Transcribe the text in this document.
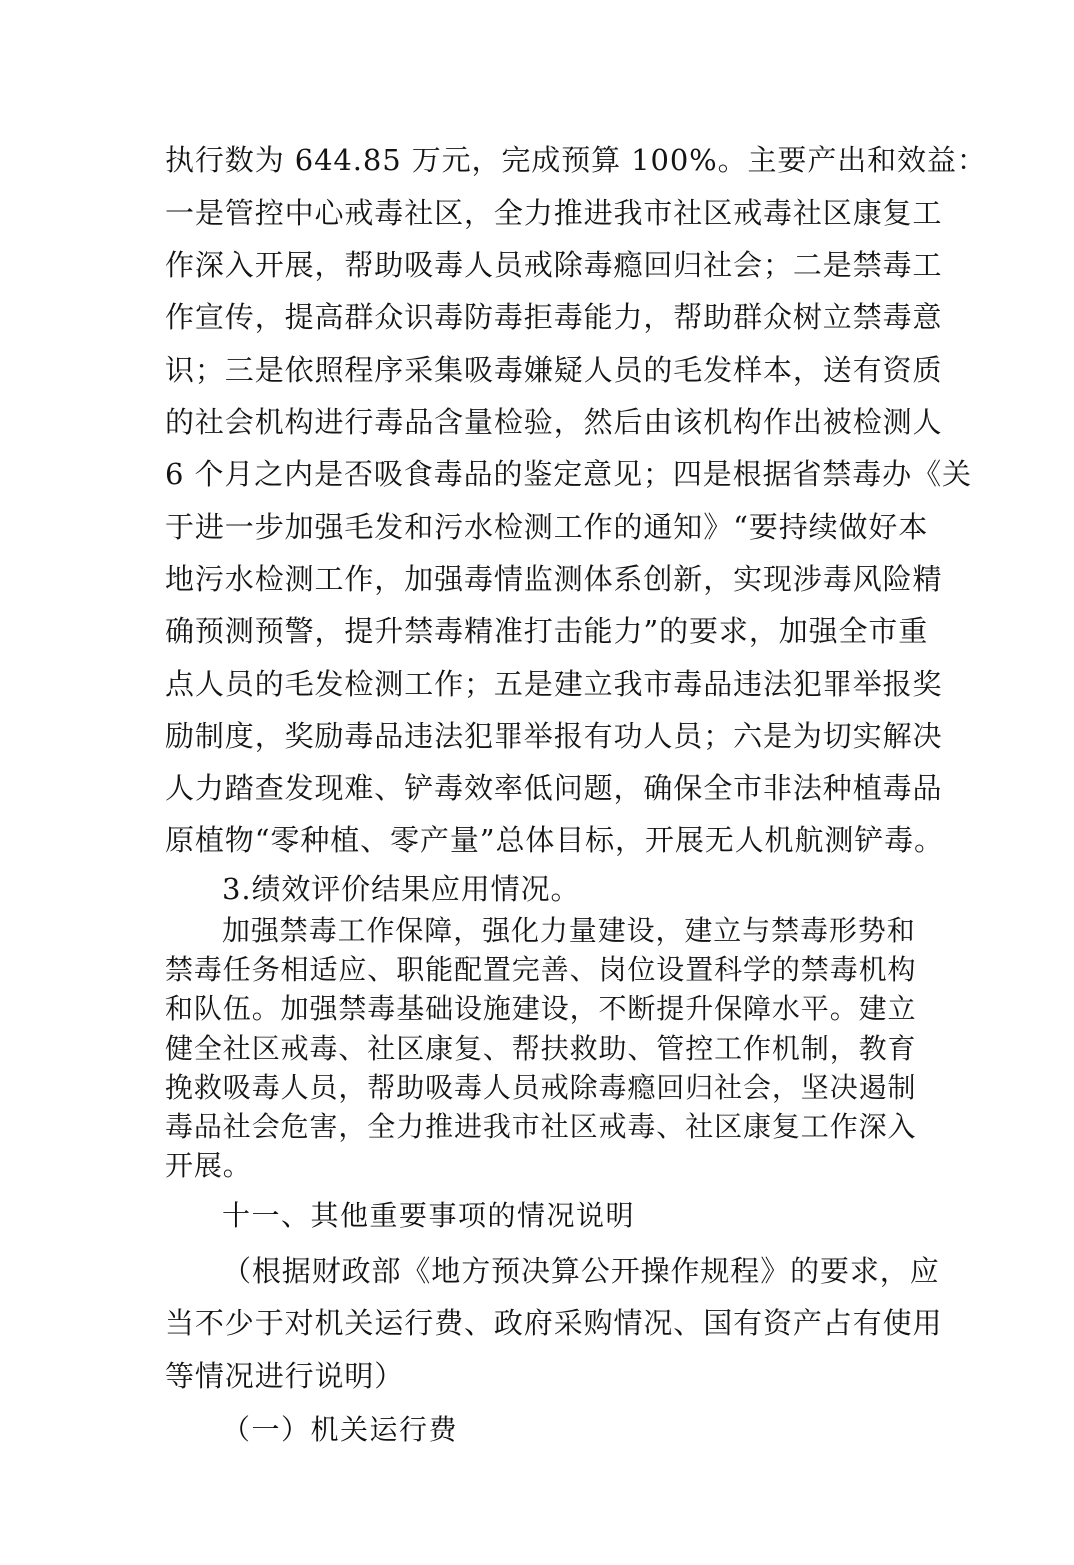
执行数为 644.85 万元，完成预算 100%。主要产出和效益：

一是管控中心戒毒社区，全力推进我市社区戒毒社区康复工

作深入开展，帮助吸毒人员戒除毒瘾回归社会；二是禁毒工

作宣传，提高群众识毒防毒拒毒能力，帮助群众树立禁毒意

识；三是依照程序采集吸毒嫌疑人员的毛发样本，送有资质

的社会机构进行毒品含量检验，然后由该机构作出被检测人

6 个月之内是否吸食毒品的鉴定意见；四是根据省禁毒办《关

于进一步加强毛发和污水检测工作的通知》“要持续做好本

地污水检测工作，加强毒情监测体系创新，实现涉毒风险精

确预测预警，提升禁毒精准打击能力”的要求，加强全市重

点人员的毛发检测工作；五是建立我市毒品违法犯罪举报奖

励制度，奖励毒品违法犯罪举报有功人员；六是为切实解决

人力踏查发现难、铲毒效率低问题，确保全市非法种植毒品

原植物“零种植、零产量”总体目标，开展无人机航测铲毒。

3.绩效评价结果应用情况。

加强禁毒工作保障，强化力量建设，建立与禁毒形势和

禁毒任务相适应、职能配置完善、岗位设置科学的禁毒机构

和队伍。加强禁毒基础设施建设，不断提升保障水平。建立

健全社区戒毒、社区康复、帮扶救助、管控工作机制，教育

挽救吸毒人员，帮助吸毒人员戒除毒瘾回归社会，坚决遏制

毒品社会危害，全力推进我市社区戒毒、社区康复工作深入

开展。

十一、其他重要事项的情况说明

（根据财政部《地方预决算公开操作规程》的要求，应

当不少于对机关运行费、政府采购情况、国有资产占有使用

等情况进行说明）

（一）机关运行费
